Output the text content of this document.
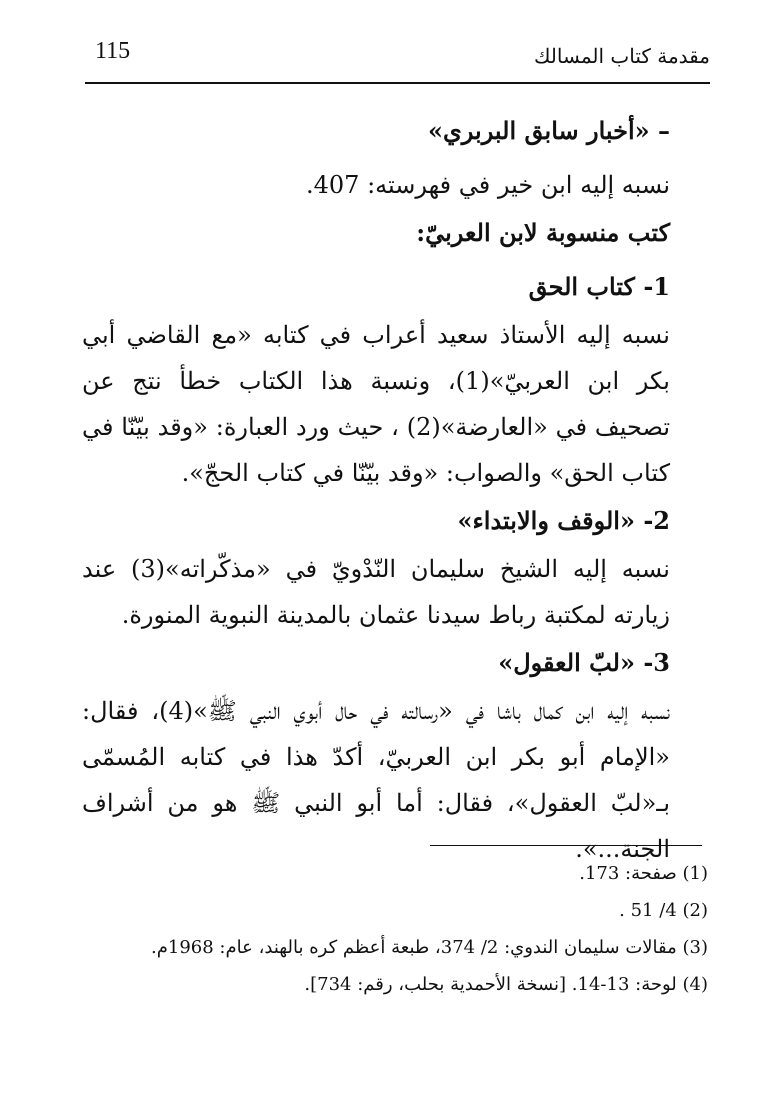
115	مقدمة كتاب المسالك

– «أخبار سابق البربري»

نسبه إليه ابن خير في فهرسته: 407.

كتب منسوبة لابن العربيّ:

1- كتاب الحق

نسبه إليه الأستاذ سعيد أعراب في كتابه «مع القاضي أبي بكر ابن العربيّ»(1)، ونسبة هذا الكتاب خطأ نتج عن تصحيف في «العارضة»(2) ، حيث ورد العبارة: «وقد بيّنّا في كتاب الحق» والصواب: «وقد بيّنّا في كتاب الحجّ».

2- «الوقف والابتداء»

نسبه إليه الشيخ سليمان النّدْويّ في «مذكّراته»(3) عند زيارته لمكتبة رباط سيدنا عثمان بالمدينة النبوية المنورة.

3- «لبّ العقول»

نسبه إليه ابن كمال باشا في «رسالته في حال أبوي النبي ﷺ»(4)، فقال: «الإمام أبو بكر ابن العربيّ، أكدّ هذا في كتابه المُسمّى بـ«لبّ العقول»، فقال: أما أبو النبي ﷺ هو من أشراف الجنة...».

(1) صفحة: 173.
(2) 4/ 51 .
(3) مقالات سليمان الندوي: 2/ 374، طبعة أعظم كره بالهند، عام: 1968م.
(4) لوحة: 13-14. [نسخة الأحمدية بحلب، رقم: 734].
